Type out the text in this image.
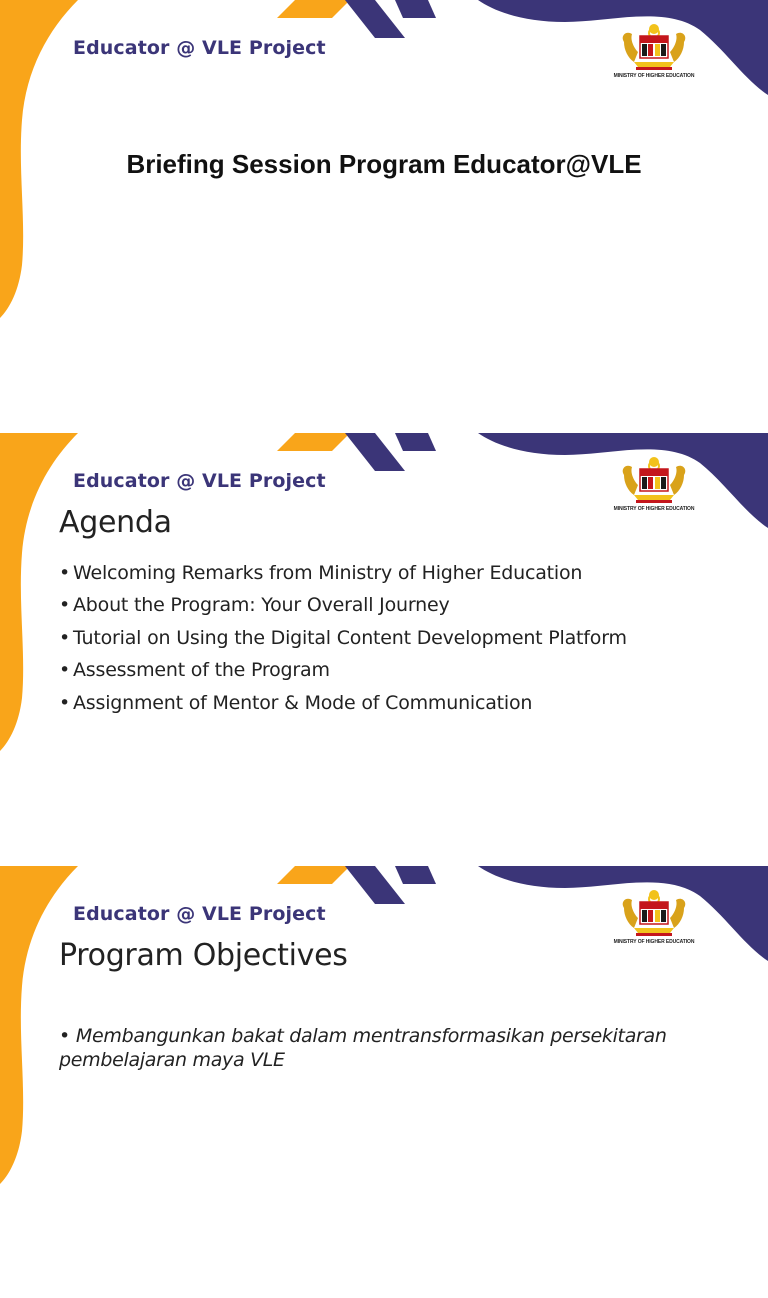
Educator @ VLE Project
MINISTRY OF HIGHER EDUCATION
Briefing Session Program Educator@VLE
Educator @ VLE Project
MINISTRY OF HIGHER EDUCATION
Agenda
• Welcoming Remarks from Ministry of Higher Education
• About the Program: Your Overall Journey
• Tutorial on Using the Digital Content Development Platform
• Assessment of the Program
• Assignment of Mentor & Mode of Communication
Educator @ VLE Project
MINISTRY OF HIGHER EDUCATION
Program Objectives
• Membangunkan bakat dalam mentransformasikan persekitaran pembelajaran maya VLE
